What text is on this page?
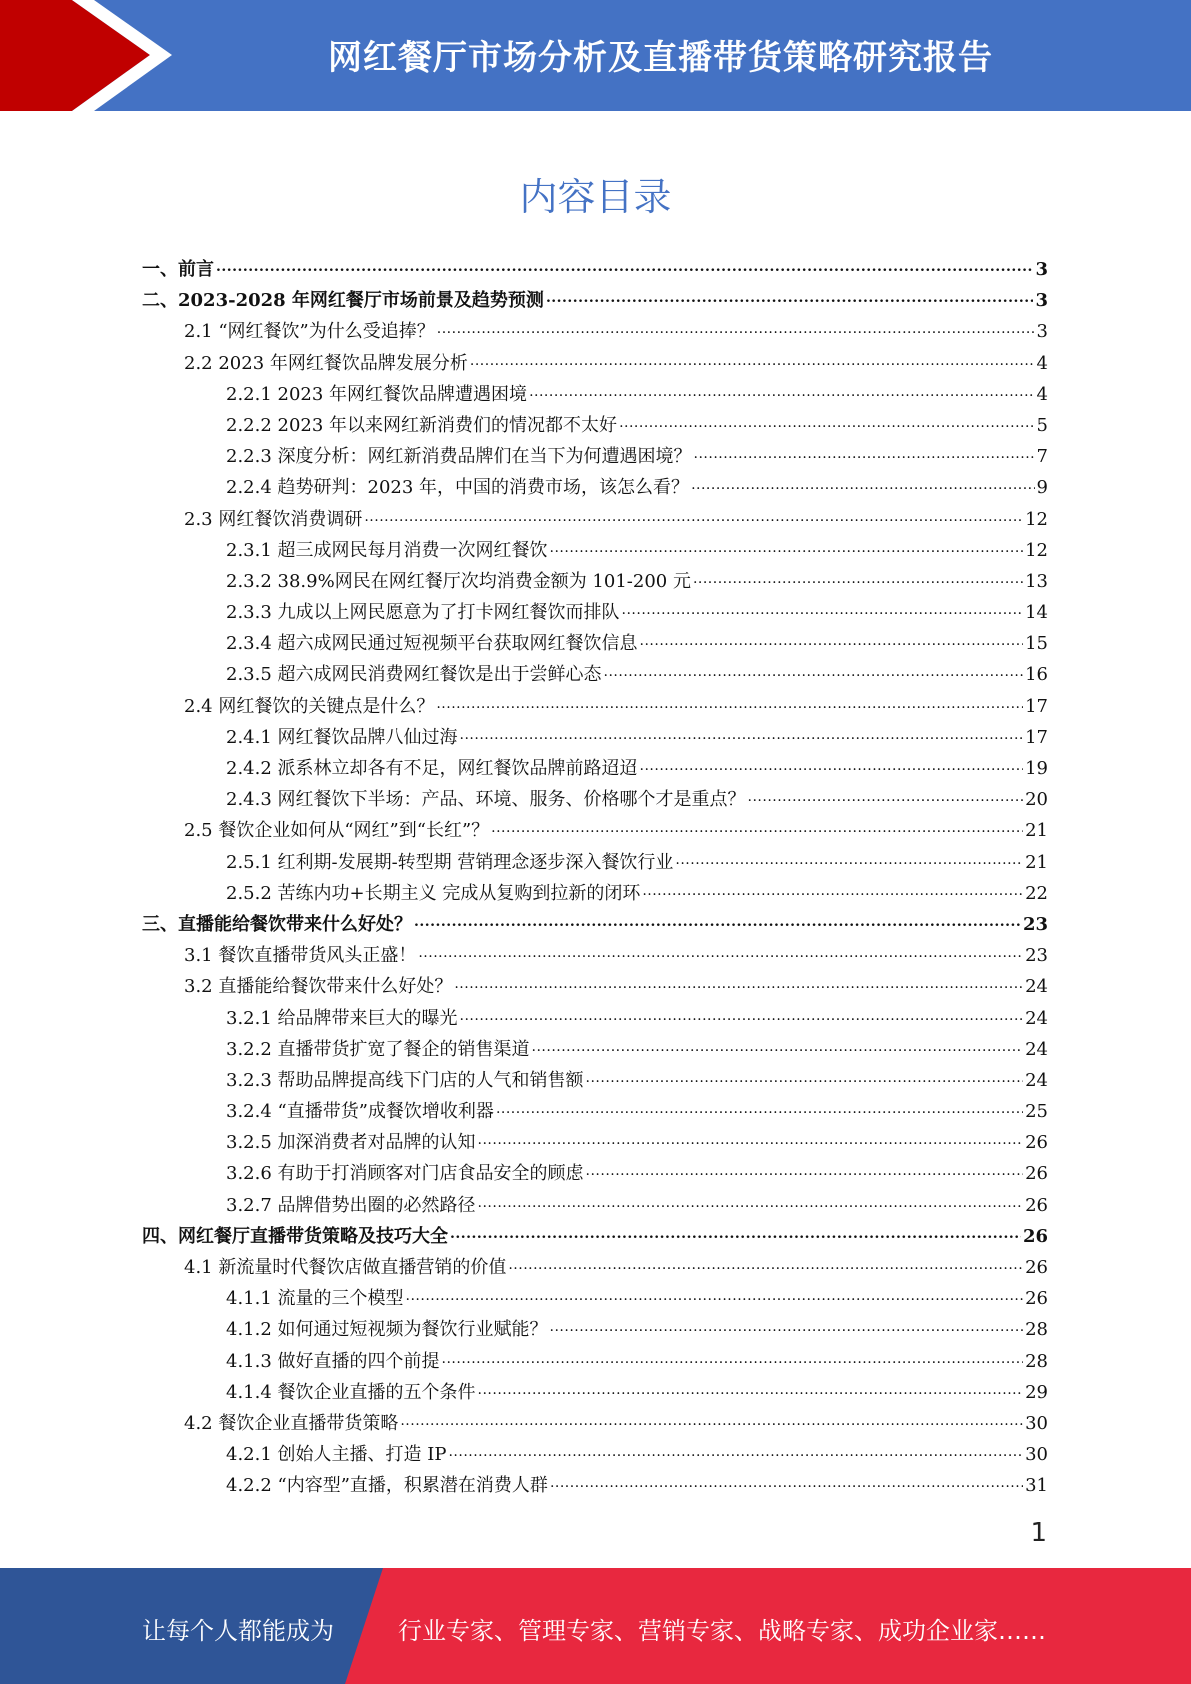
网红餐厅市场分析及直播带货策略研究报告
内容目录
一、前言 .....	3
二、2023-2028 年网红餐厅市场前景及趋势预测 .....	3
2.1 “网红餐饮”为什么受追捧？ .....	3
2.2 2023 年网红餐饮品牌发展分析 .....	4
2.2.1 2023 年网红餐饮品牌遭遇困境 .....	4
2.2.2 2023 年以来网红新消费们的情况都不太好 .....	5
2.2.3 深度分析：网红新消费品牌们在当下为何遭遇困境？ .....	7
2.2.4 趋势研判：2023 年，中国的消费市场，该怎么看？ .....	9
2.3 网红餐饮消费调研 .....	12
2.3.1 超三成网民每月消费一次网红餐饮 .....	12
2.3.2 38.9%网民在网红餐厅次均消费金额为 101-200 元 .....	13
2.3.3 九成以上网民愿意为了打卡网红餐饮而排队 .....	14
2.3.4 超六成网民通过短视频平台获取网红餐饮信息 .....	15
2.3.5 超六成网民消费网红餐饮是出于尝鲜心态 .....	16
2.4 网红餐饮的关键点是什么？ .....	17
2.4.1 网红餐饮品牌八仙过海 .....	17
2.4.2 派系林立却各有不足，网红餐饮品牌前路迢迢 .....	19
2.4.3 网红餐饮下半场：产品、环境、服务、价格哪个才是重点？ .....	20
2.5 餐饮企业如何从“网红”到“长红”？ .....	21
2.5.1 红利期-发展期-转型期 营销理念逐步深入餐饮行业 .....	21
2.5.2 苦练内功+长期主义 完成从复购到拉新的闭环 .....	22
三、直播能给餐饮带来什么好处？ .....	23
3.1 餐饮直播带货风头正盛！ .....	23
3.2 直播能给餐饮带来什么好处？ .....	24
3.2.1 给品牌带来巨大的曝光 .....	24
3.2.2 直播带货扩宽了餐企的销售渠道 .....	24
3.2.3 帮助品牌提高线下门店的人气和销售额 .....	24
3.2.4 “直播带货”成餐饮增收利器 .....	25
3.2.5 加深消费者对品牌的认知 .....	26
3.2.6 有助于打消顾客对门店食品安全的顾虑 .....	26
3.2.7 品牌借势出圈的必然路径 .....	26
四、网红餐厅直播带货策略及技巧大全 .....	26
4.1 新流量时代餐饮店做直播营销的价值 .....	26
4.1.1 流量的三个模型 .....	26
4.1.2 如何通过短视频为餐饮行业赋能？ .....	28
4.1.3 做好直播的四个前提 .....	28
4.1.4 餐饮企业直播的五个条件 .....	29
4.2 餐饮企业直播带货策略 .....	30
4.2.1 创始人主播、打造 IP .....	30
4.2.2 “内容型”直播，积累潜在消费人群 .....	31
1
让每个人都能成为	行业专家、管理专家、营销专家、战略专家、成功企业家……
